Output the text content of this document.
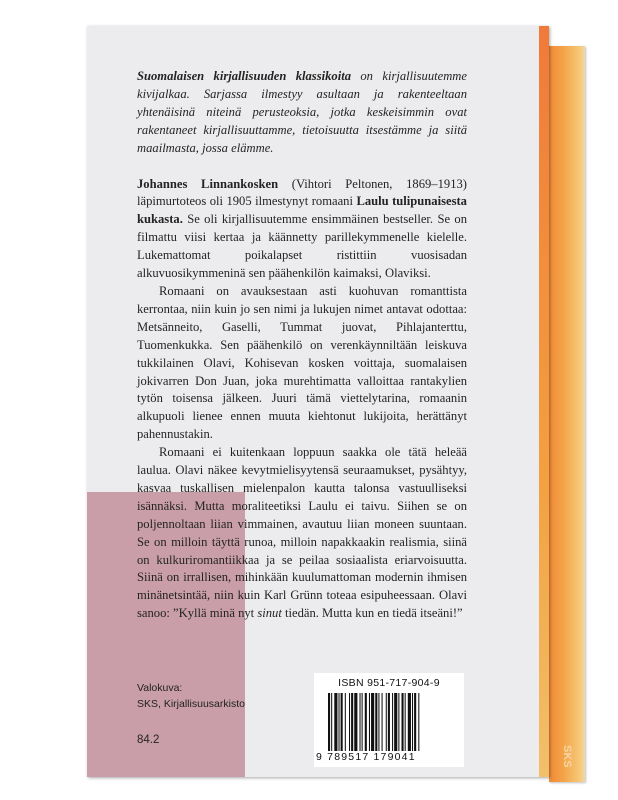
SKS

Suomalaisen kirjallisuuden klassikoita on kirjallisuutemme kivijalkaa. Sarjassa ilmestyy asultaan ja rakenteeltaan yhtenäisinä niteinä perusteoksia, jotka keskeisimmin ovat rakentaneet kirjallisuuttamme, tietoisuutta itsestämme ja siitä maailmasta, jossa elämme.

Johannes Linnankosken (Vihtori Peltonen, 1869–1913) läpimurtoteos oli 1905 ilmestynyt romaani Laulu tulipunaisesta kukasta. Se oli kirjallisuutemme ensimmäinen bestseller. Se on filmattu viisi kertaa ja käännetty parillekymmenelle kielelle. Lukemattomat poikalapset ristittiin vuosisadan alkuvuosikymmeninä sen päähenkilön kaimaksi, Olaviksi.

Romaani on avauksestaan asti kuohuvan romanttista kerrontaa, niin kuin jo sen nimi ja lukujen nimet antavat odottaa: Metsänneito, Gaselli, Tummat juovat, Pihlajanterttu, Tuomenkukka. Sen päähenkilö on verenkäynniltään leiskuva tukkilainen Olavi, Kohisevan kosken voittaja, suomalaisen jokivarren Don Juan, joka murehtimatta valloittaa rantakylien tytön toisensa jälkeen. Juuri tämä viettelytarina, romaanin alkupuoli lienee ennen muuta kiehtonut lukijoita, herättänyt pahennustakin.

Romaani ei kuitenkaan loppuun saakka ole tätä heleää laulua. Olavi näkee kevytmielisyytensä seuraamukset, pysähtyy, kasvaa tuskallisen mielenpalon kautta talonsa vastuulliseksi isännäksi. Mutta moraliteetiksi Laulu ei taivu. Siihen se on poljennoltaan liian vimmainen, avautuu liian moneen suuntaan. Se on milloin täyttä runoa, milloin napakkaakin realismia, siinä on kulkuriromantiikkaa ja se peilaa sosiaalista eriarvoisuutta. Siinä on irrallisen, mihinkään kuulumattoman modernin ihmisen minänetsintää, niin kuin Karl Grünn toteaa esipuheessaan. Olavi sanoo: ”Kyllä minä nyt sinut tiedän. Mutta kun en tiedä itseäni!”

Valokuva:
SKS, Kirjallisuusarkisto
84.2
ISBN 951-717-904-9
9 789517 179041
